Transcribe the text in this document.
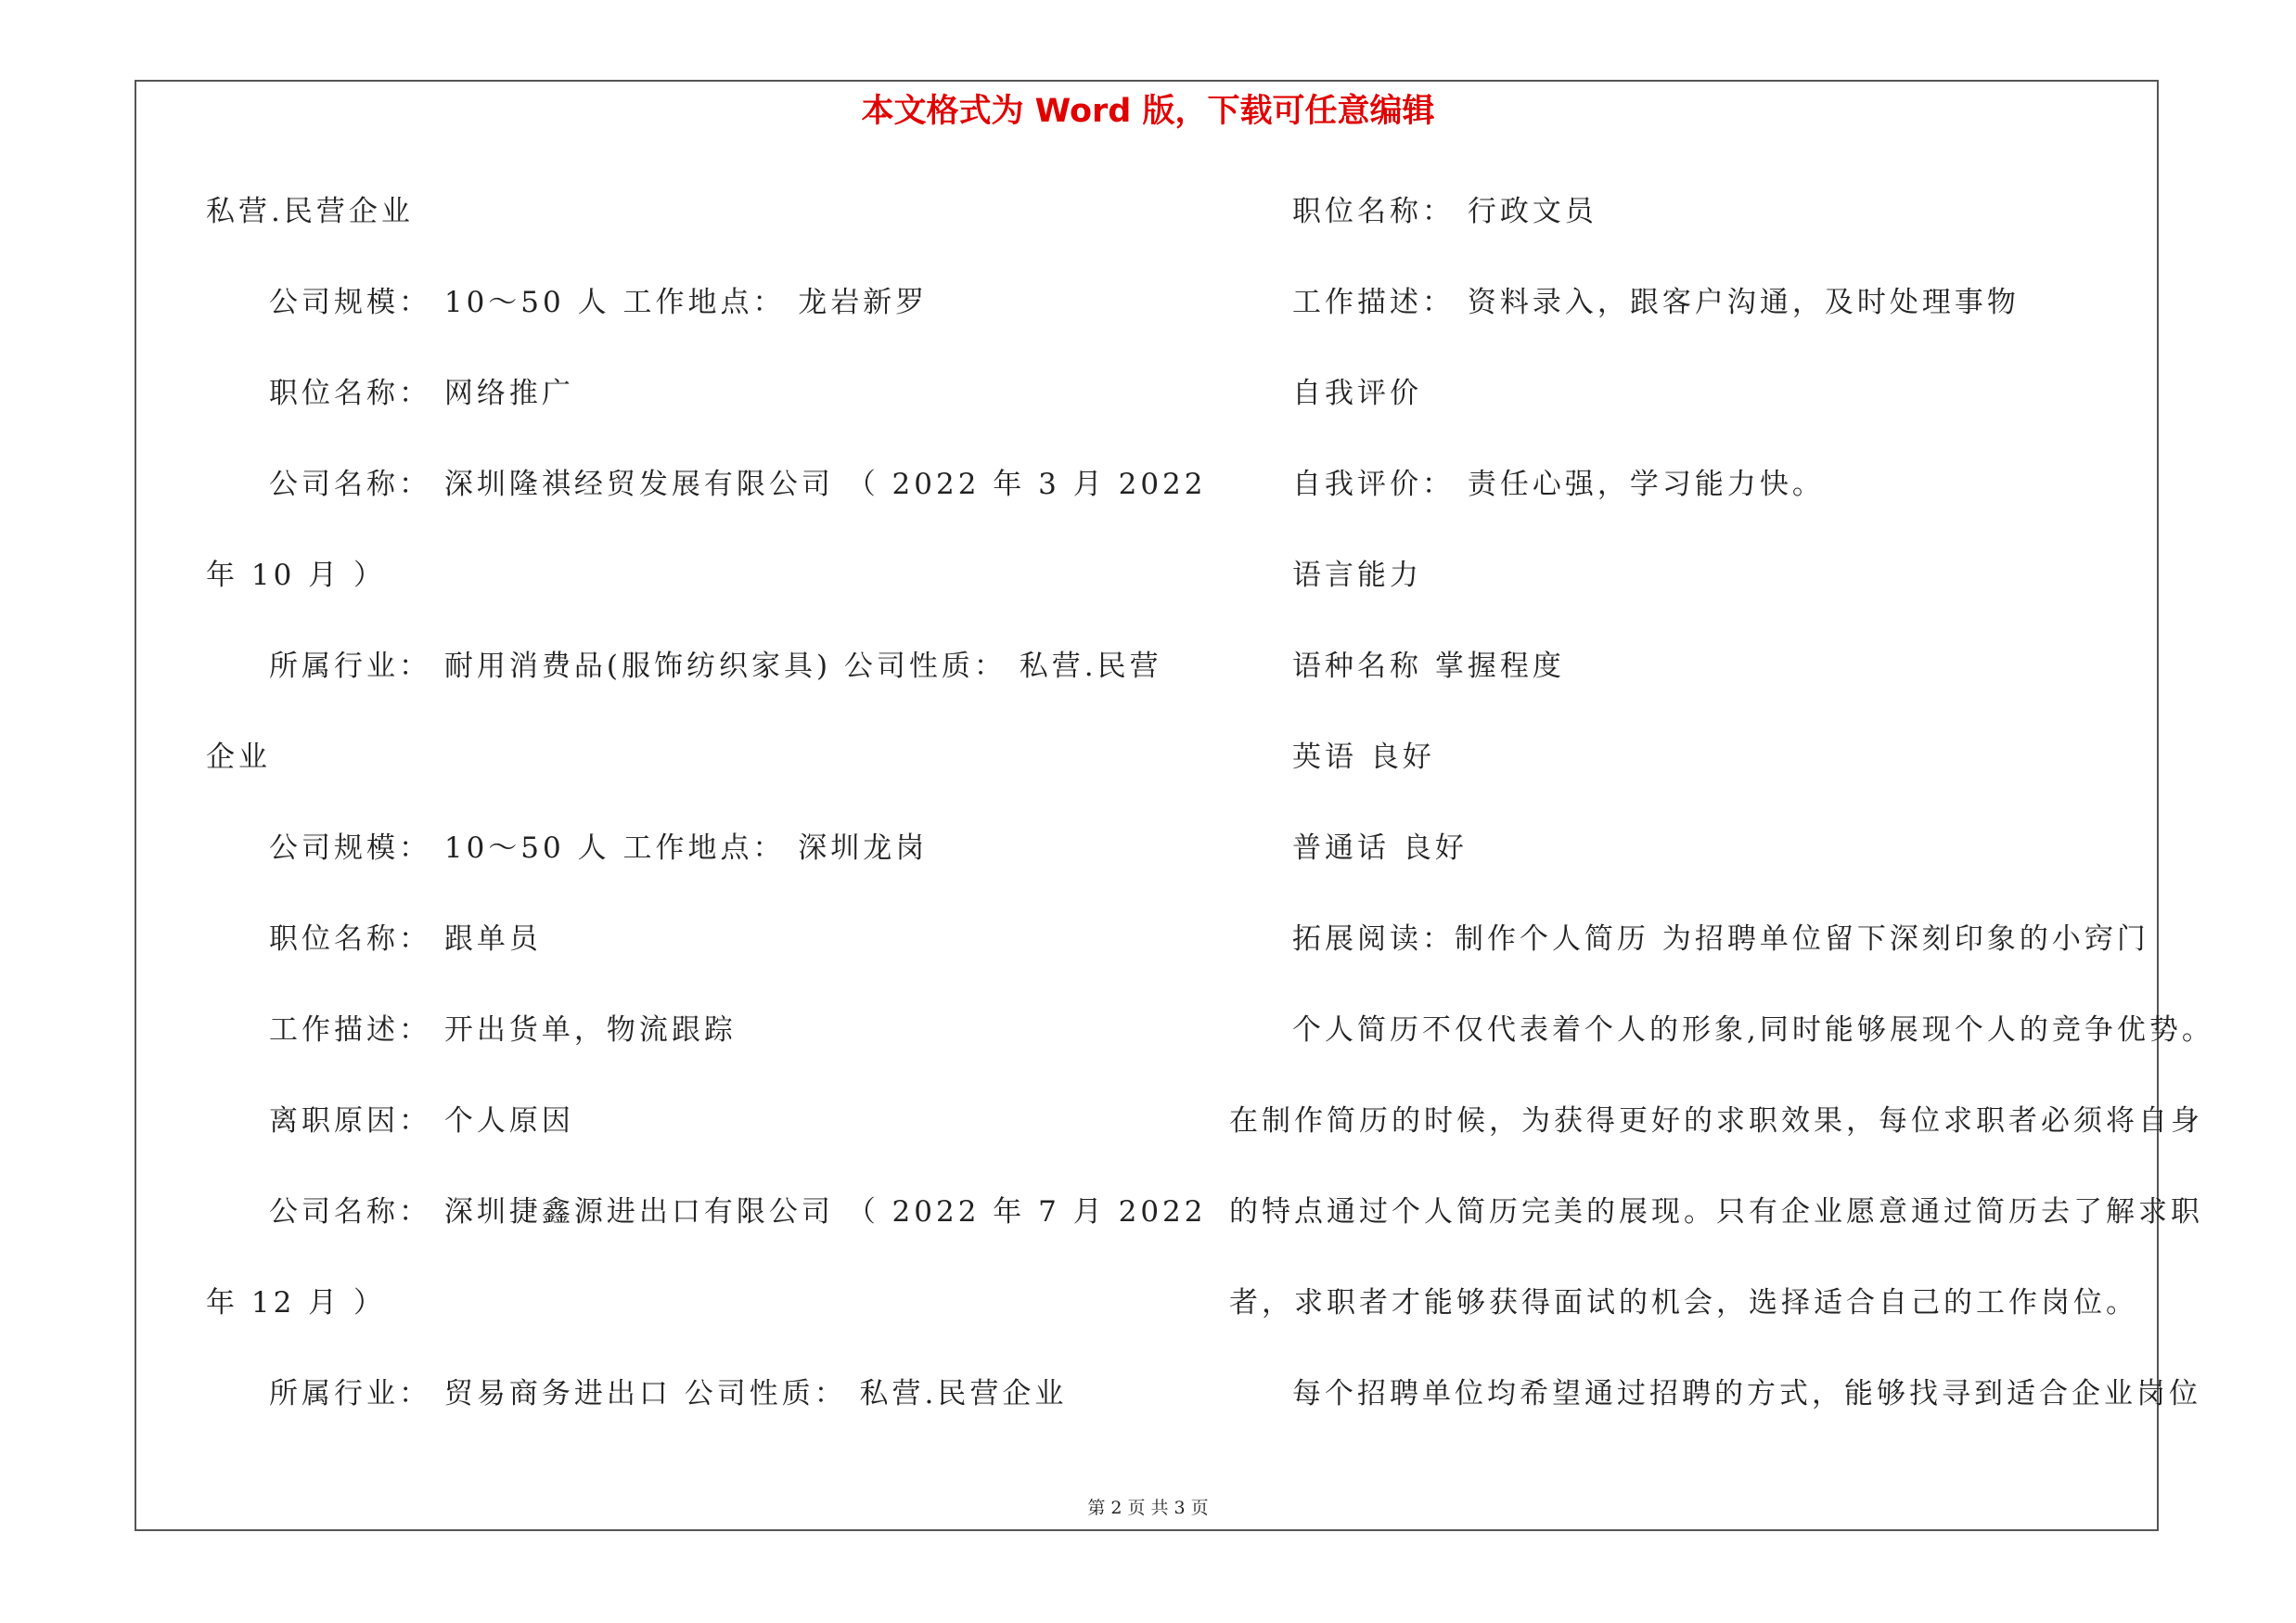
本文格式为 Word 版，下载可任意编辑
私营.民营企业
公司规模： 10～50 人 工作地点： 龙岩新罗
职位名称： 网络推广
公司名称： 深圳隆祺经贸发展有限公司 （ 2022 年 3 月 2022
年 10 月 ）
所属行业： 耐用消费品(服饰纺织家具) 公司性质： 私营.民营
企业
公司规模： 10～50 人 工作地点： 深圳龙岗
职位名称： 跟单员
工作描述： 开出货单，物流跟踪
离职原因： 个人原因
公司名称： 深圳捷鑫源进出口有限公司 （ 2022 年 7 月 2022
年 12 月 ）
所属行业： 贸易商务进出口 公司性质： 私营.民营企业
职位名称： 行政文员
工作描述： 资料录入，跟客户沟通，及时处理事物
自我评价
自我评价： 责任心强，学习能力快。
语言能力
语种名称 掌握程度
英语 良好
普通话 良好
拓展阅读：制作个人简历 为招聘单位留下深刻印象的小窍门
个人简历不仅代表着个人的形象,同时能够展现个人的竞争优势。
在制作简历的时候，为获得更好的求职效果，每位求职者必须将自身
的特点通过个人简历完美的展现。只有企业愿意通过简历去了解求职
者，求职者才能够获得面试的机会，选择适合自己的工作岗位。
每个招聘单位均希望通过招聘的方式，能够找寻到适合企业岗位
第 2 页 共 3 页
